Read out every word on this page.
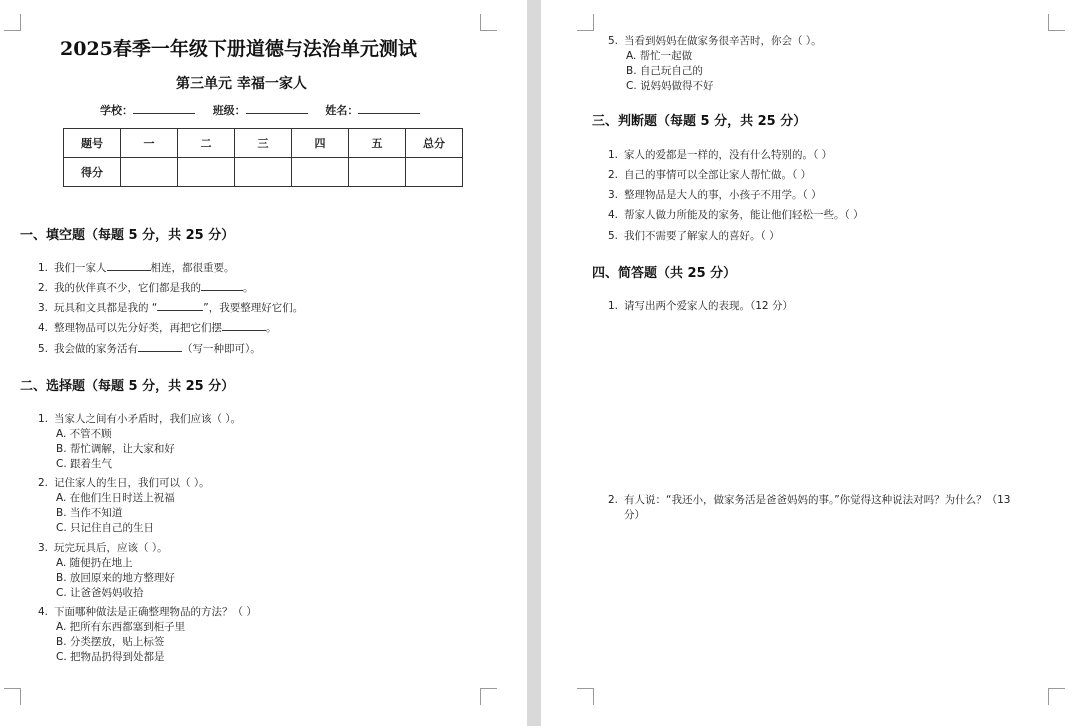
2025春季一年级下册道德与法治单元测试
第三单元 幸福一家人
学校：	班级：	姓名：
题号	一	二	三	四	五	总分
得分						
一、填空题（每题 5 分，共 25 分）
1. 我们一家人	相连，都很重要。
2. 我的伙伴真不少，它们都是我的	。
3. 玩具和文具都是我的 “	”，我要整理好它们。
4. 整理物品可以先分好类，再把它们摆	。
5. 我会做的家务活有	（写一种即可）。
二、选择题（每题 5 分，共 25 分）
1. 当家人之间有小矛盾时，我们应该（ ）。
A. 不管不顾
B. 帮忙调解，让大家和好
C. 跟着生气
2. 记住家人的生日，我们可以（ ）。
A. 在他们生日时送上祝福
B. 当作不知道
C. 只记住自己的生日
3. 玩完玩具后，应该（ ）。
A. 随便扔在地上
B. 放回原来的地方整理好
C. 让爸爸妈妈收拾
4. 下面哪种做法是正确整理物品的方法？（ ）
A. 把所有东西都塞到柜子里
B. 分类摆放，贴上标签
C. 把物品扔得到处都是
5. 当看到妈妈在做家务很辛苦时，你会（ ）。
A. 帮忙一起做
B. 自己玩自己的
C. 说妈妈做得不好
三、判断题（每题 5 分，共 25 分）
1. 家人的爱都是一样的，没有什么特别的。（ ）
2. 自己的事情可以全部让家人帮忙做。（ ）
3. 整理物品是大人的事，小孩子不用学。（ ）
4. 帮家人做力所能及的家务，能让他们轻松一些。（ ）
5. 我们不需要了解家人的喜好。（ ）
四、简答题（共 25 分）
1. 请写出两个爱家人的表现。（12 分）
2. 有人说：“我还小，做家务活是爸爸妈妈的事。”你觉得这种说法对吗？为什么？（13
分）
